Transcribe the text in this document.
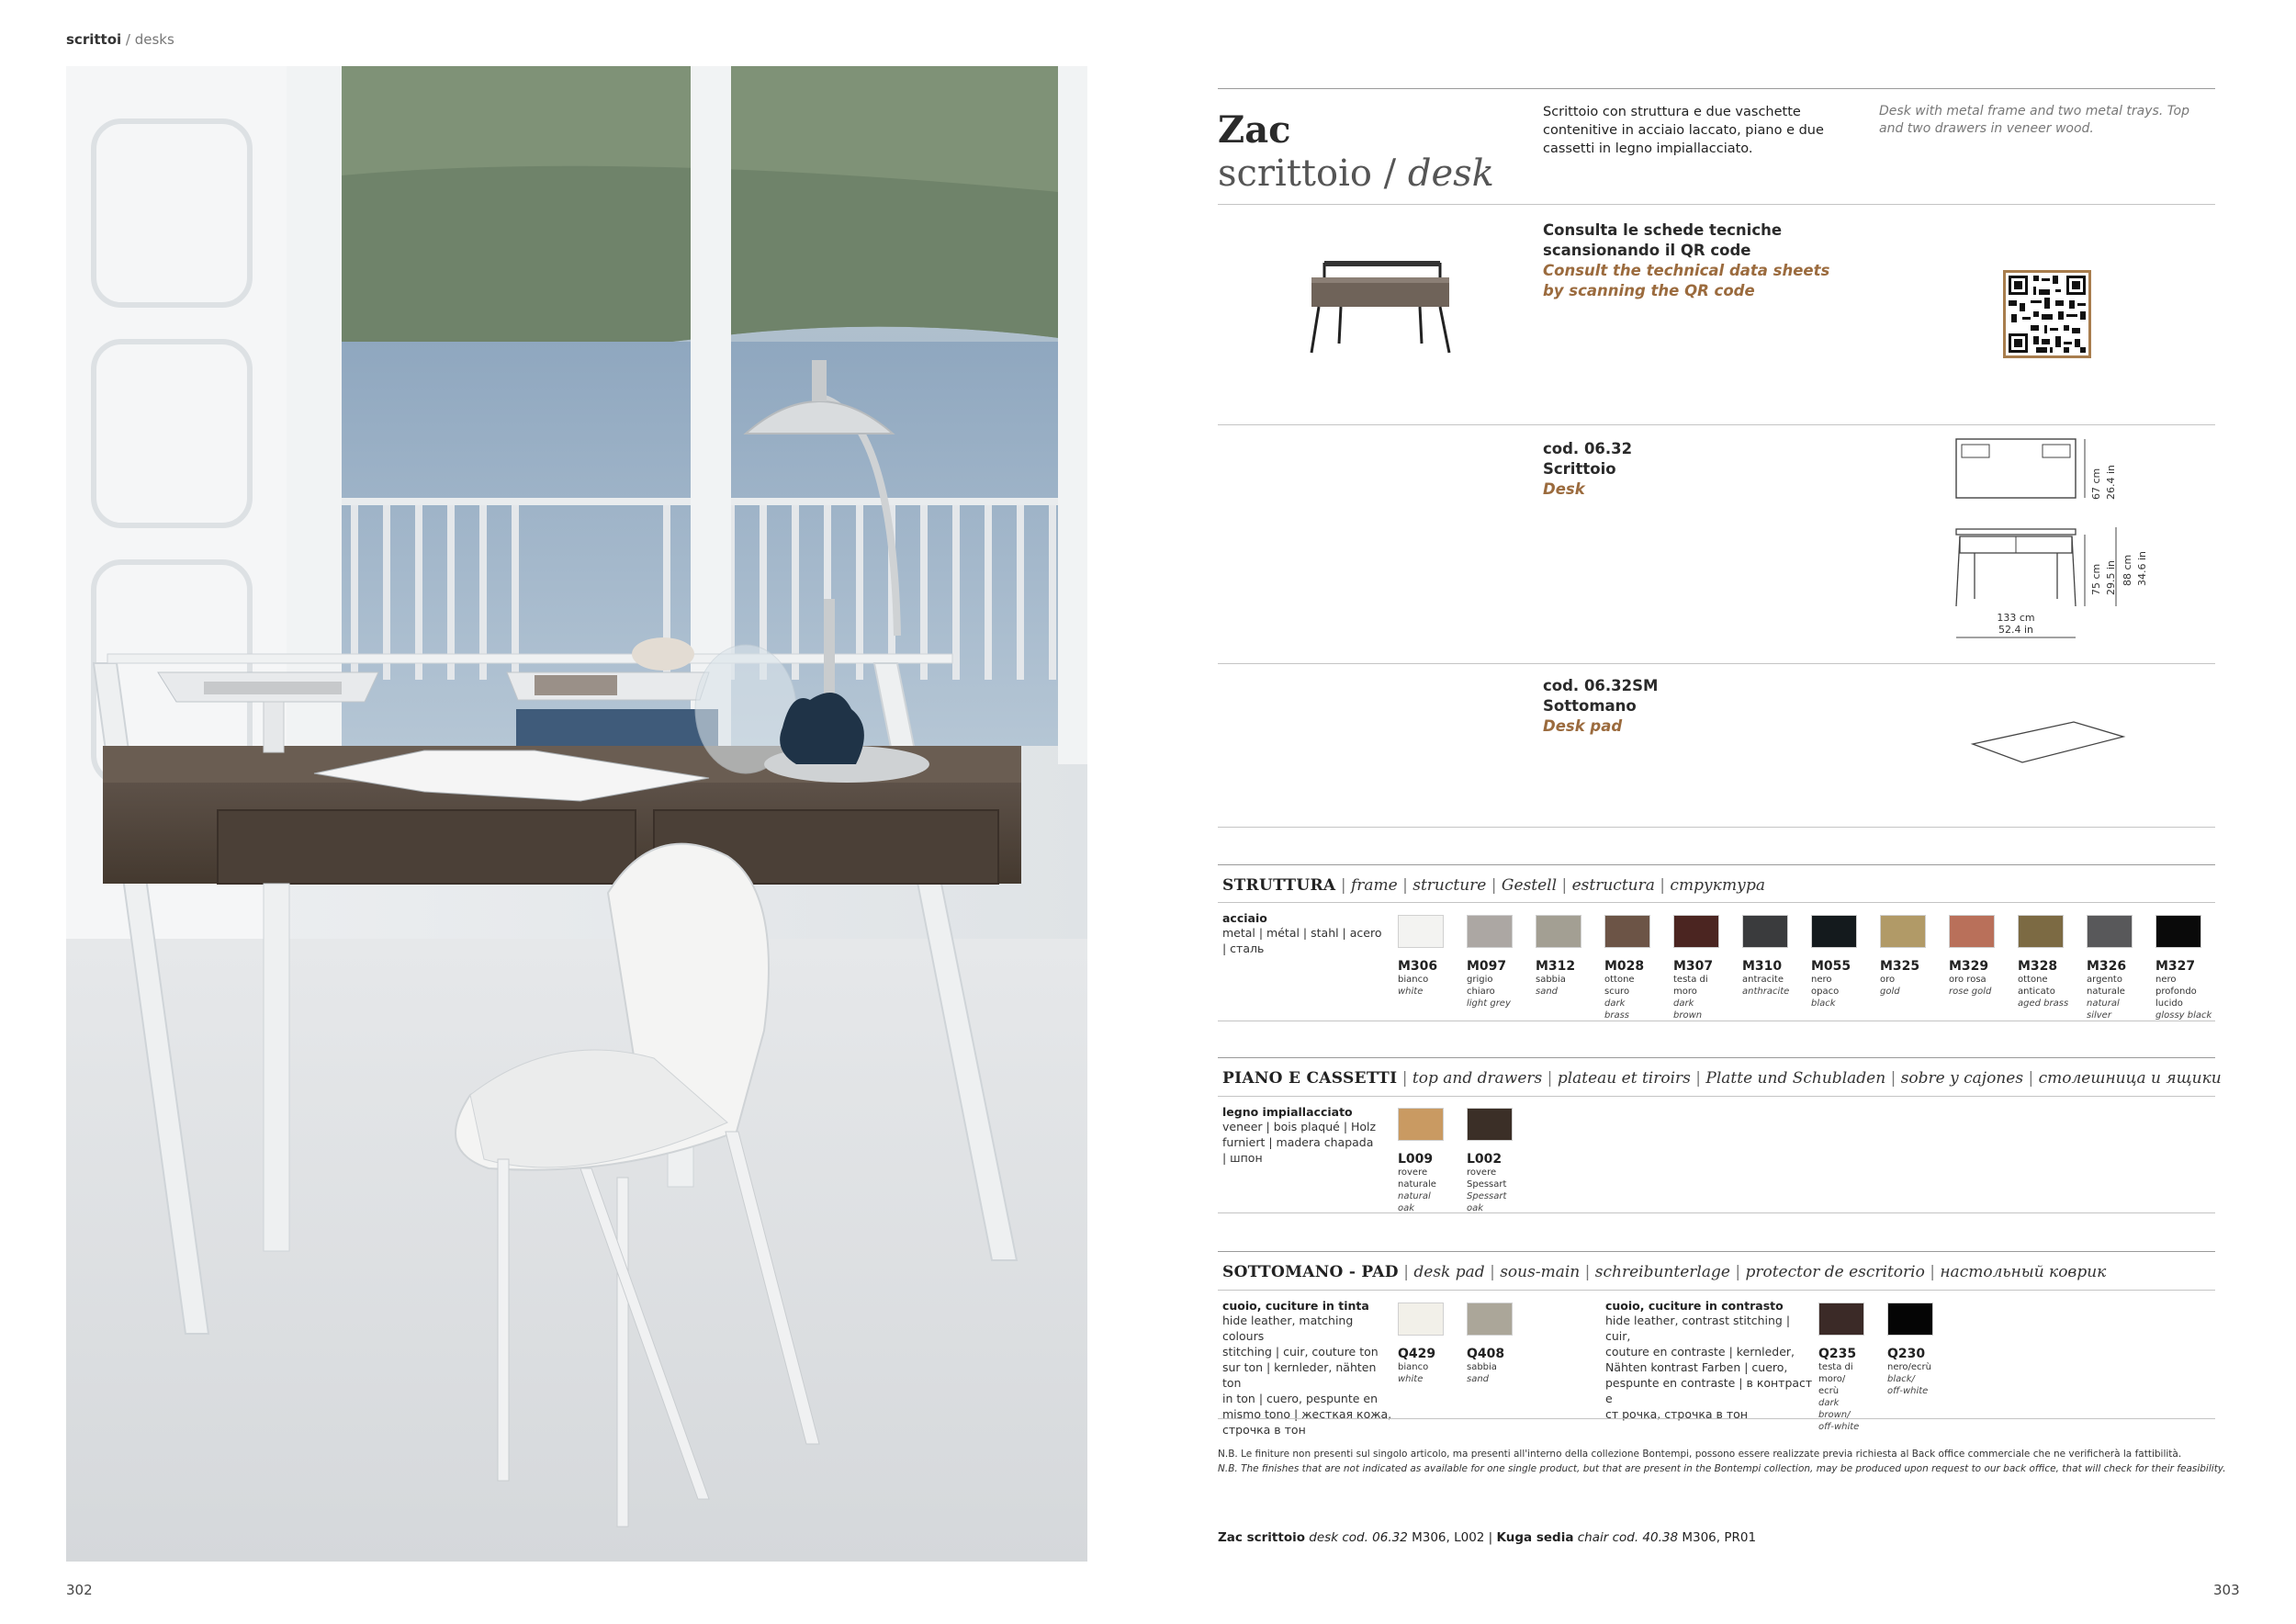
scrittoi / desks
Zac
scrittoio / desk
Scrittoio con struttura e due vaschette contenitive in acciaio laccato, piano e due cassetti in legno impiallacciato.
Desk with metal frame and two metal trays. Top and two drawers in veneer wood.
Consulta le schede tecniche
scansionando il QR code
Consult the technical data sheets
by scanning the QR code
cod. 06.32
Scrittoio
Desk	67 cm 26.4 in
75 cm 29.5 in 88 cm 34.6 in
133 cm
52.4 in
cod. 06.32SM
Sottomano
Desk pad
STRUTTURA | frame | structure | Gestell | estructura | структура
acciaio
metal | métal | stahl | acero
| сталь
M306
bianco
white
M097
grigio chiaro
light grey
M312
sabbia
sand
M028
ottone scuro
dark brass
M307
testa di moro
dark brown
M310
antracite
anthracite
M055
nero opaco
black
M325
oro
gold
M329
oro rosa
rose gold
M328
ottone anticato
aged brass
M326
argento naturale
natural silver
M327
nero profondo lucido
glossy black
PIANO E CASSETTI | top and drawers | plateau et tiroirs | Platte und Schubladen | sobre y cajones | столешница и ящики
legno impiallacciato
veneer | bois plaqué | Holz
furniert | madera chapada
| шпон	L009
rovere
naturale
natural oak
L002
rovere
Spessart
Spessart oak
SOTTOMANO - PAD | desk pad | sous-main | schreibunterlage | protector de escritorio | настольный коврик
cuoio, cuciture in tinta
hide leather, matching colours
stitching | cuir, couture ton
sur ton | kernleder, nähten ton
in ton | cuero, pespunte en
mismo tono | жесткая кожа,
строчка в тон
Q429
bianco
white
Q408
sabbia
sand
cuoio, cuciture in contrasto
hide leather, contrast stitching | cuir,
couture en contraste | kernleder,
Nähten kontrast Farben | cuero,
pespunte en contraste | в контраст е
ст рочка, строчка в тон
Q235
testa di moro/
ecrù
dark brown/
off-white
Q230
nero/ecrù
black/
off-white
N.B. Le finiture non presenti sul singolo articolo, ma presenti all'interno della collezione Bontempi, possono essere realizzate previa richiesta al Back office commerciale che ne verificherà la fattibilità.
N.B. The finishes that are not indicated as available for one single product, but that are present in the Bontempi collection, may be produced upon request to our back office, that will check for their feasibility.
Zac scrittoio desk cod. 06.32 M306, L002 | Kuga sedia chair cod. 40.38 M306, PR01
302	303
